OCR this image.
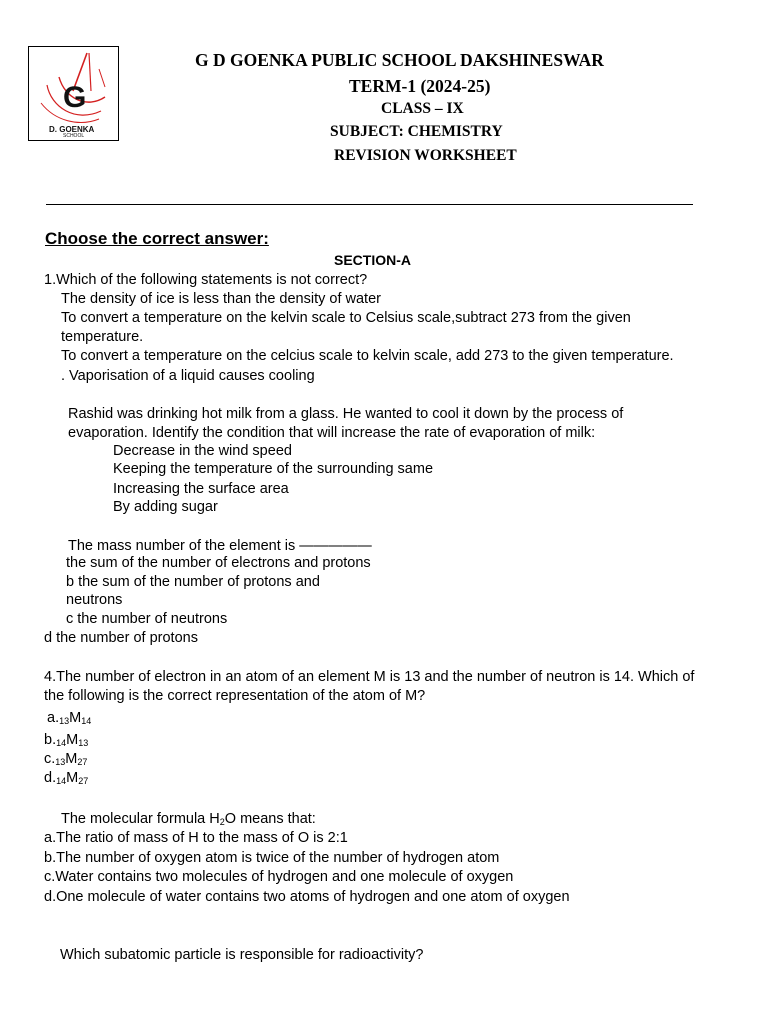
G
D. GOENKA
SCHOOL
G D GOENKA PUBLIC SCHOOL DAKSHINESWAR
TERM-1 (2024-25)
CLASS – IX
SUBJECT: CHEMISTRY
REVISION WORKSHEET
Choose the correct answer:
SECTION-A
1.Which of the following statements is not correct?
The density of ice is less than the density of water
To convert a temperature on the kelvin scale to Celsius scale,subtract 273 from the given
temperature.
To convert a temperature on the celcius scale to kelvin scale, add 273 to the given temperature.
. Vaporisation of a liquid causes cooling
Rashid was drinking hot milk from a glass. He wanted to cool it down by the process of
evaporation. Identify the condition that will increase the rate of evaporation of milk:
Decrease in the wind speed
Keeping the temperature of the surrounding same
Increasing the surface area
By adding sugar
The mass number of the element is —————
the sum of the number of electrons and protons
b the sum of the number of protons and
neutrons
c the number of neutrons
d the number of protons
4.The number of electron in an atom of an element M is 13 and the number of neutron is 14. Which of
the following is the correct representation of the atom of M?
$a._{13}M_{14}$
$b._{14}M_{13}$
$c._{13}M_{27}$
$d._{14}M_{27}$
The molecular formula $H_2O$ means that:
a.The ratio of mass of H to the mass of O is 2:1
b.The number of oxygen atom is twice of the number of hydrogen atom
c.Water contains two molecules of hydrogen and one molecule of oxygen
d.One molecule of water contains two atoms of hydrogen and one atom of oxygen
Which subatomic particle is responsible for radioactivity?
